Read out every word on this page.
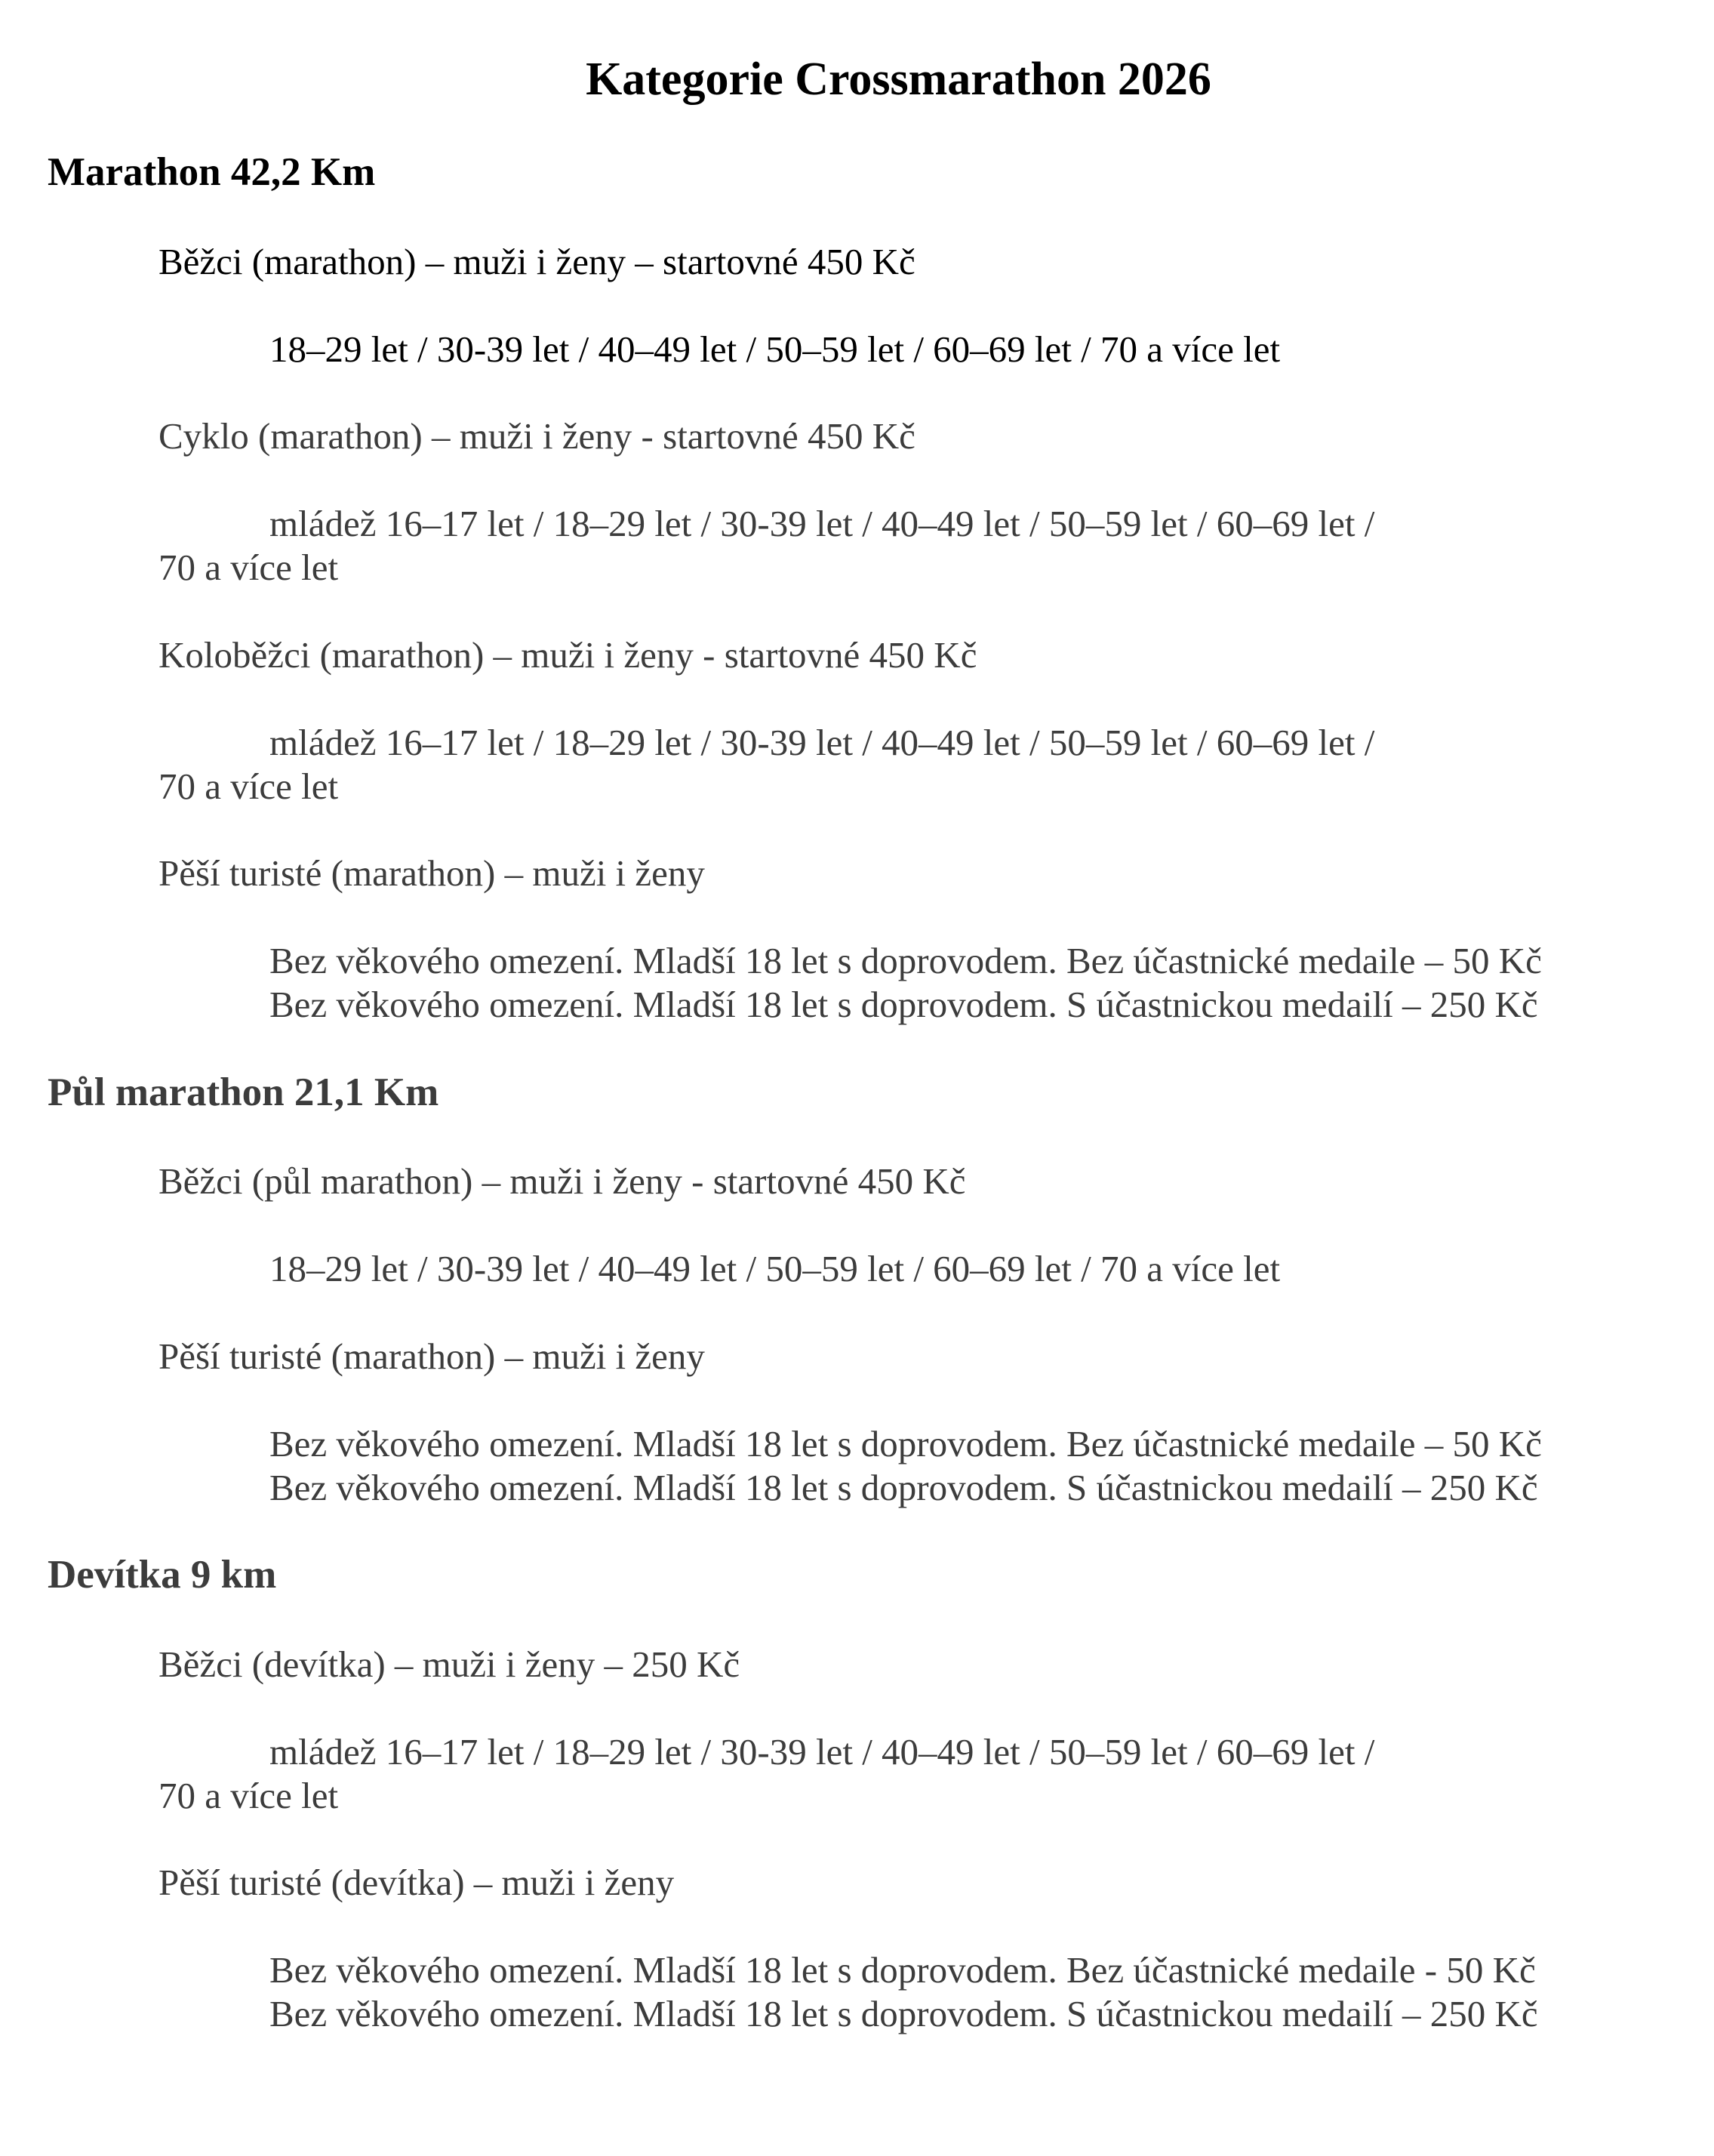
Kategorie Crossmarathon 2026
Marathon 42,2 Km

Běžci (marathon) – muži i ženy – startovné 450 Kč

18–29 let / 30-39 let / 40–49 let / 50–59 let / 60–69 let / 70 a více let

Cyklo (marathon) – muži i ženy - startovné 450 Kč

mládež 16–17 let / 18–29 let / 30-39 let / 40–49 let / 50–59 let / 60–69 let /

70 a více let

Koloběžci (marathon) – muži i ženy - startovné 450 Kč

mládež 16–17 let / 18–29 let / 30-39 let / 40–49 let / 50–59 let / 60–69 let /

70 a více let

Pěší turisté (marathon) – muži i ženy

Bez věkového omezení. Mladší 18 let s doprovodem. Bez účastnické medaile – 50 Kč

Bez věkového omezení. Mladší 18 let s doprovodem. S účastnickou medailí – 250 Kč

Půl marathon 21,1 Km

Běžci (půl marathon) – muži i ženy - startovné 450 Kč

18–29 let / 30-39 let / 40–49 let / 50–59 let / 60–69 let / 70 a více let

Pěší turisté (marathon) – muži i ženy

Bez věkového omezení. Mladší 18 let s doprovodem. Bez účastnické medaile – 50 Kč

Bez věkového omezení. Mladší 18 let s doprovodem. S účastnickou medailí – 250 Kč

Devítka 9 km

Běžci (devítka) – muži i ženy – 250 Kč

mládež 16–17 let / 18–29 let / 30-39 let / 40–49 let / 50–59 let / 60–69 let /

70 a více let

Pěší turisté (devítka) – muži i ženy

Bez věkového omezení. Mladší 18 let s doprovodem. Bez účastnické medaile - 50 Kč

Bez věkového omezení. Mladší 18 let s doprovodem. S účastnickou medailí – 250 Kč
